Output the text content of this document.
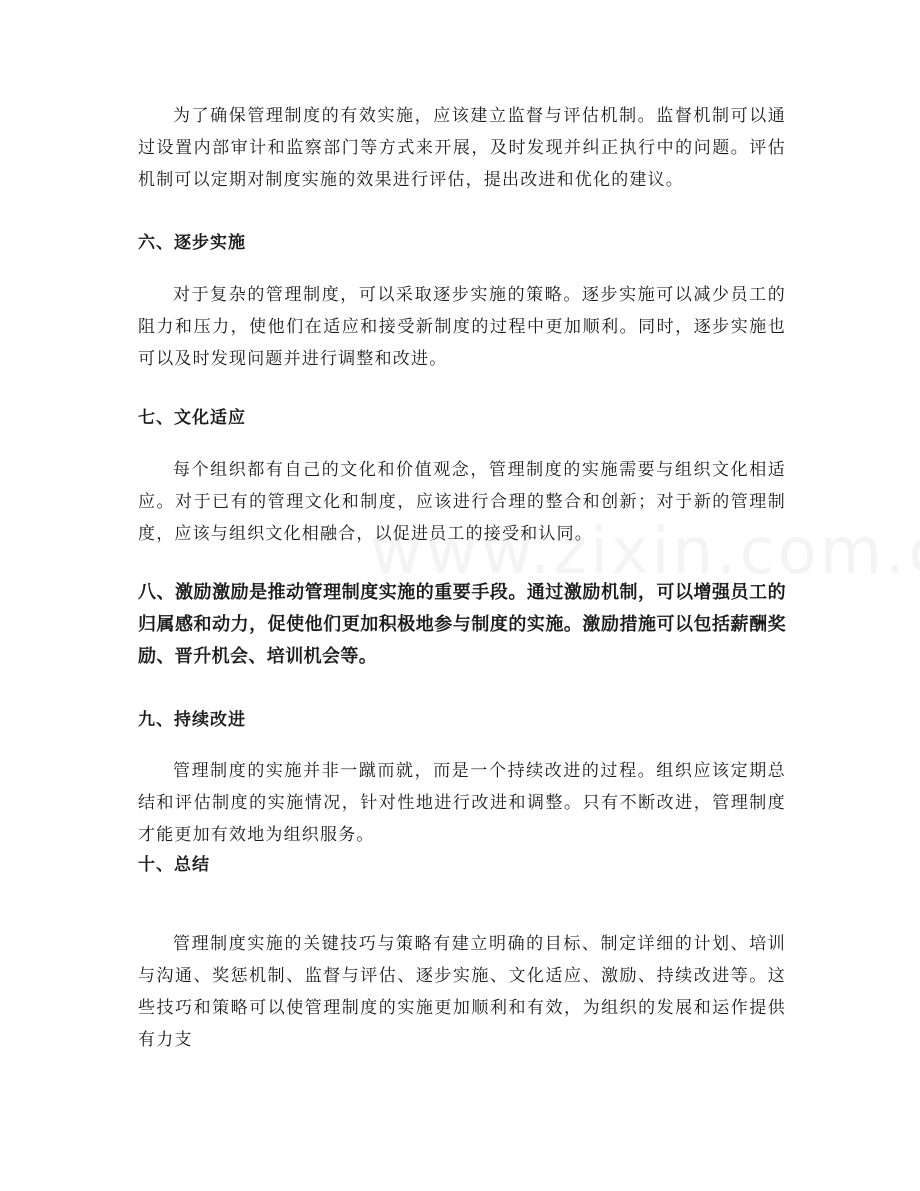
为了确保管理制度的有效实施，应该建立监督与评估机制。监督机制可以通过设置内部审计和监察部门等方式来开展，及时发现并纠正执行中的问题。评估机制可以定期对制度实施的效果进行评估，提出改进和优化的建议。

六、逐步实施

对于复杂的管理制度，可以采取逐步实施的策略。逐步实施可以减少员工的阻力和压力，使他们在适应和接受新制度的过程中更加顺利。同时，逐步实施也可以及时发现问题并进行调整和改进。

七、文化适应

每个组织都有自己的文化和价值观念，管理制度的实施需要与组织文化相适应。对于已有的管理文化和制度，应该进行合理的整合和创新；对于新的管理制度，应该与组织文化相融合，以促进员工的接受和认同。

八、激励激励是推动管理制度实施的重要手段。通过激励机制，可以增强员工的归属感和动力，促使他们更加积极地参与制度的实施。激励措施可以包括薪酬奖励、晋升机会、培训机会等。

九、持续改进

管理制度的实施并非一蹴而就，而是一个持续改进的过程。组织应该定期总结和评估制度的实施情况，针对性地进行改进和调整。只有不断改进，管理制度才能更加有效地为组织服务。

十、总结

管理制度实施的关键技巧与策略有建立明确的目标、制定详细的计划、培训与沟通、奖惩机制、监督与评估、逐步实施、文化适应、激励、持续改进等。这些技巧和策略可以使管理制度的实施更加顺利和有效，为组织的发展和运作提供有力支
